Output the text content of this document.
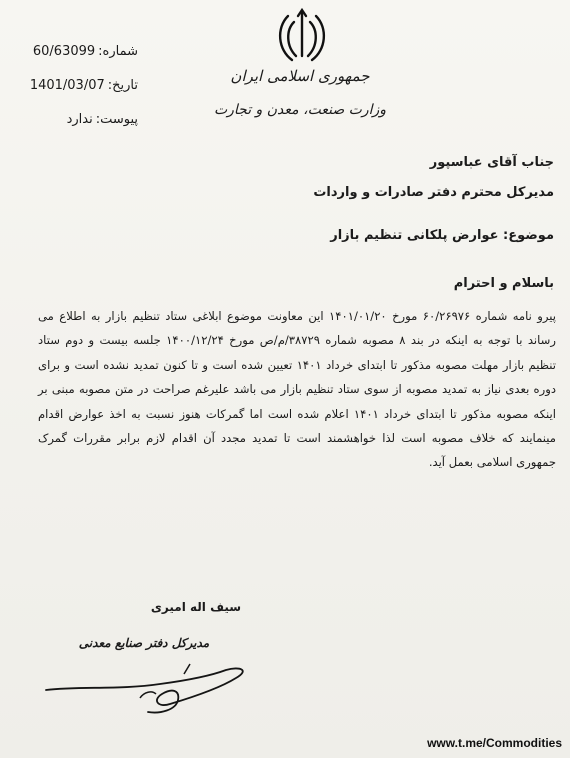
جمهوری اسلامی ایران
وزارت صنعت، معدن و تجارت
60/63099 شماره:
1401/03/07 تاریخ:
ندارد پیوست:
جناب آقای عباسپور
مدیرکل محترم دفتر صادرات و واردات
موضوع: عوارض پلکانی تنظیم بازار
باسلام و احترام
پیرو نامه شماره ۶۰/۲۶۹۷۶ مورخ ۱۴۰۱/۰۱/۲۰ این معاونت موضوع ابلاغی ستاد تنظیم بازار به اطلاع می رساند با توجه به اینکه در بند ۸ مصوبه شماره ۳۸۷۲۹/م/ص مورخ ۱۴۰۰/۱۲/۲۴ جلسه بیست و دوم ستاد تنظیم بازار مهلت مصوبه مذکور تا ابتدای خرداد ۱۴۰۱ تعیین شده است و تا کنون تمدید نشده است و برای دوره بعدی نیاز به تمدید مصوبه از سوی ستاد تنظیم بازار می باشد علیرغم صراحت در متن مصوبه مبنی بر اینکه مصوبه مذکور تا ابتدای خرداد ۱۴۰۱ اعلام شده است اما گمرکات هنوز نسبت به اخذ عوارض اقدام مینمایند که خلاف مصوبه است لذا خواهشمند است تا تمدید مجدد آن اقدام لازم برابر مقررات گمرک جمهوری اسلامی بعمل آید.
سیف اله امیری
مدیرکل دفتر صنایع معدنی
www.t.me/Commodities
